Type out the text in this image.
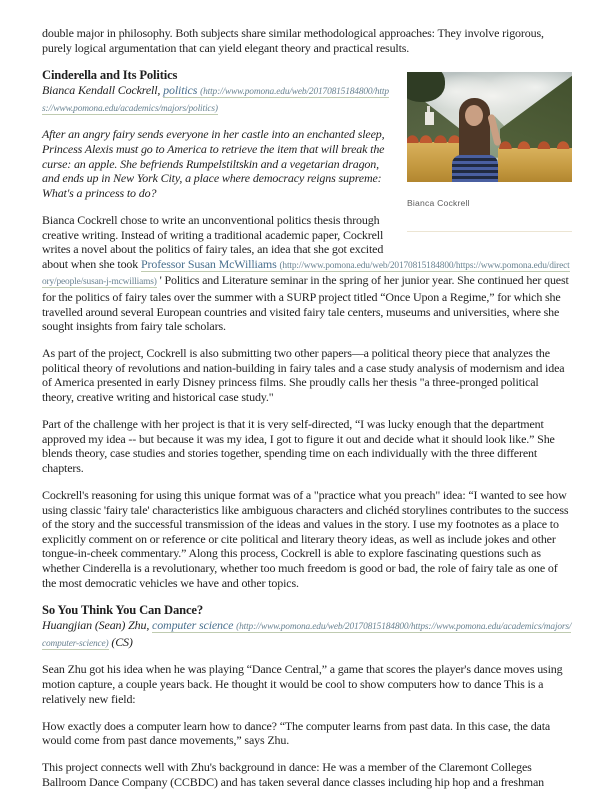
double major in philosophy. Both subjects share similar methodological approaches: They involve rigorous, purely logical argumentation that can yield elegant theory and practical results.

Bianca Cockrell
Cinderella and Its Politics

Bianca Kendall Cockrell, politics (http://www.pomona.edu/web/20170815184800/https://www.pomona.edu/academics/majors/politics)

After an angry fairy sends everyone in her castle into an enchanted sleep, Princess Alexis must go to America to retrieve the item that will break the curse: an apple. She befriends Rumpelstiltskin and a vegetarian dragon, and ends up in New York City, a place where democracy reigns supreme: What's a princess to do?

Bianca Cockrell chose to write an unconventional politics thesis through creative writing. Instead of writing a traditional academic paper, Cockrell writes a novel about the politics of fairy tales, an idea that she got excited about when she took Professor Susan McWilliams (http://www.pomona.edu/web/20170815184800/https://www.pomona.edu/directory/people/susan-j-mcwilliams) ' Politics and Literature seminar in the spring of her junior year. She continued her quest for the politics of fairy tales over the summer with a SURP project titled “Once Upon a Regime,” for which she travelled around several European countries and visited fairy tale centers, museums and universities, where she sought insights from fairy tale scholars.

As part of the project, Cockrell is also submitting two other papers—a political theory piece that analyzes the political theory of revolutions and nation-building in fairy tales and a case study analysis of modernism and idea of America presented in early Disney princess films. She proudly calls her thesis "a three-pronged political theory, creative writing and historical case study."

Part of the challenge with her project is that it is very self-directed, “I was lucky enough that the department approved my idea -- but because it was my idea, I got to figure it out and decide what it should look like.” She blends theory, case studies and stories together, spending time on each individually with the three different chapters.

Cockrell's reasoning for using this unique format was of a "practice what you preach" idea: “I wanted to see how using classic 'fairy tale' characteristics like ambiguous characters and clichéd storylines contributes to the success of the story and the successful transmission of the ideas and values in the story. I use my footnotes as a place to explicitly comment on or reference or cite political and literary theory ideas, as well as include jokes and other tongue-in-cheek commentary.” Along this process, Cockrell is able to explore fascinating questions such as whether Cinderella is a revolutionary, whether too much freedom is good or bad, the role of fairy tale as one of the most democratic vehicles we have and other topics.

So You Think You Can Dance?

Huangjian (Sean) Zhu, computer science (http://www.pomona.edu/web/20170815184800/https://www.pomona.edu/academics/majors/computer-science) (CS)

Sean Zhu got his idea when he was playing “Dance Central,” a game that scores the player's dance moves using motion capture, a couple years back. He thought it would be cool to show computers how to dance This is a relatively new field:

How exactly does a computer learn how to dance? “The computer learns from past data. In this case, the data would come from past dance movements,” says Zhu.

This project connects well with Zhu's background in dance: He was a member of the Claremont Colleges Ballroom Dance Company (CCBDC) and has taken several dance classes including hip hop and a freshman
